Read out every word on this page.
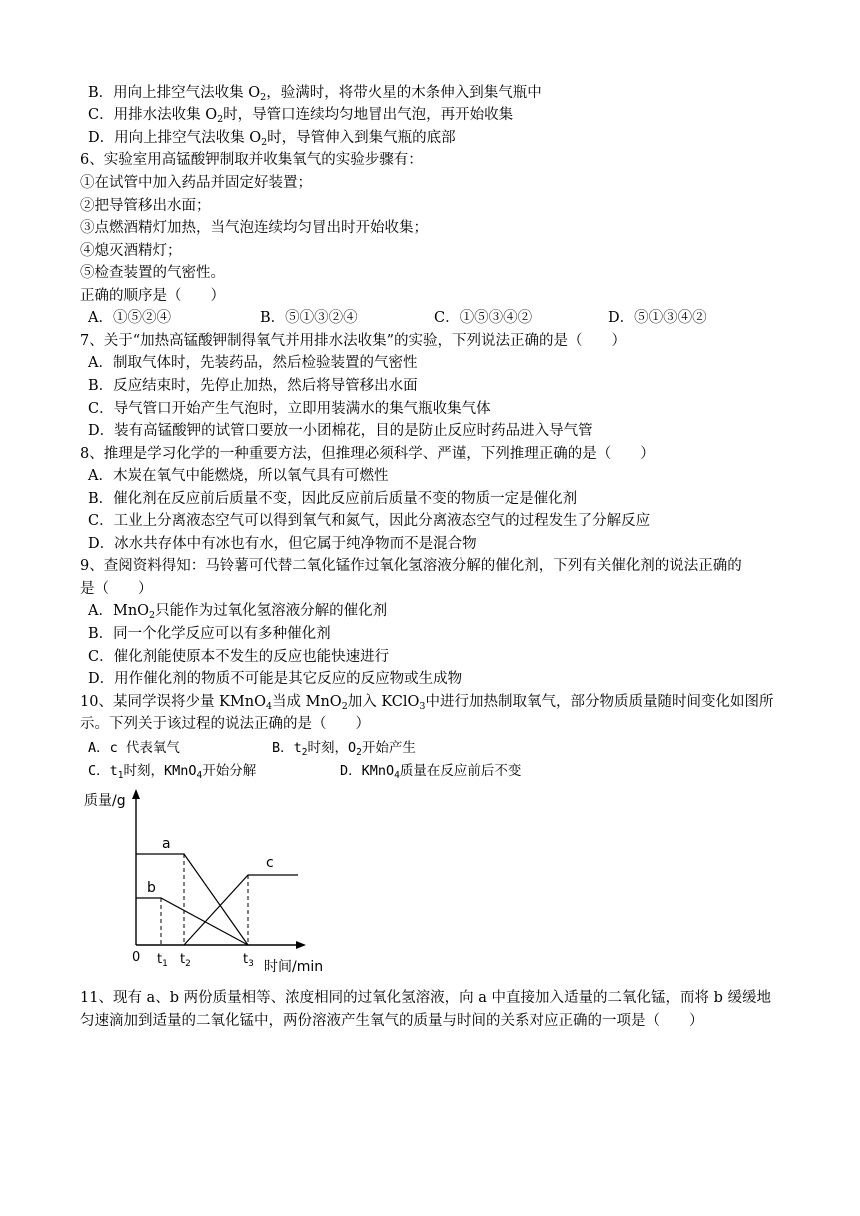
B．用向上排空气法收集 $O_2$，验满时，将带火星的木条伸入到集气瓶中
C．用排水法收集 $O_2$时，导管口连续均匀地冒出气泡，再开始收集
D．用向上排空气法收集 $O_2$时，导管伸入到集气瓶的底部
6、实验室用高锰酸钾制取并收集氧气的实验步骤有：
①在试管中加入药品并固定好装置；
②把导管移出水面；
③点燃酒精灯加热，当气泡连续均匀冒出时开始收集；
④熄灭酒精灯；
⑤检查装置的气密性。
正确的顺序是（　　）
A．①⑤②④	B．⑤①③②④	C．①⑤③④②	D．⑤①③④②
7、关于“加热高锰酸钾制得氧气并用排水法收集”的实验，下列说法正确的是（　　）
A．制取气体时，先装药品，然后检验装置的气密性
B．反应结束时，先停止加热，然后将导管移出水面
C．导气管口开始产生气泡时，立即用装满水的集气瓶收集气体
D．装有高锰酸钾的试管口要放一小团棉花，目的是防止反应时药品进入导气管
8、推理是学习化学的一种重要方法，但推理必须科学、严谨，下列推理正确的是（　　）
A．木炭在氧气中能燃烧，所以氧气具有可燃性
B．催化剂在反应前后质量不变，因此反应前后质量不变的物质一定是催化剂
C．工业上分离液态空气可以得到氧气和氮气，因此分离液态空气的过程发生了分解反应
D．冰水共存体中有冰也有水，但它属于纯净物而不是混合物
9、查阅资料得知：马铃薯可代替二氧化锰作过氧化氢溶液分解的催化剂，下列有关催化剂的说法正确的
是（　　）
A．MnO$_2$只能作为过氧化氢溶液分解的催化剂
B．同一个化学反应可以有多种催化剂
C．催化剂能使原本不发生的反应也能快速进行
D．用作催化剂的物质不可能是其它反应的反应物或生成物
10、某同学误将少量 KMnO$_4$当成 MnO$_2$加入 KClO$_3$中进行加热制取氧气，部分物质质量随时间变化如图所
示。下列关于该过程的说法正确的是（　　）
A．c 代表氧气	B．$t_2$时刻，$O_2$开始产生
C．$t_1$时刻，KMnO$_4$开始分解	D．KMnO$_4$质量在反应前后不变
质量/g
时间/min
0 $t_1$ $t_2$	$t_3$
a
b
c
11、现有 a、b 两份质量相等、浓度相同的过氧化氢溶液，向 a 中直接加入适量的二氧化锰，而将 b 缓缓地
匀速滴加到适量的二氧化锰中，两份溶液产生氧气的质量与时间的关系对应正确的一项是（　　）
